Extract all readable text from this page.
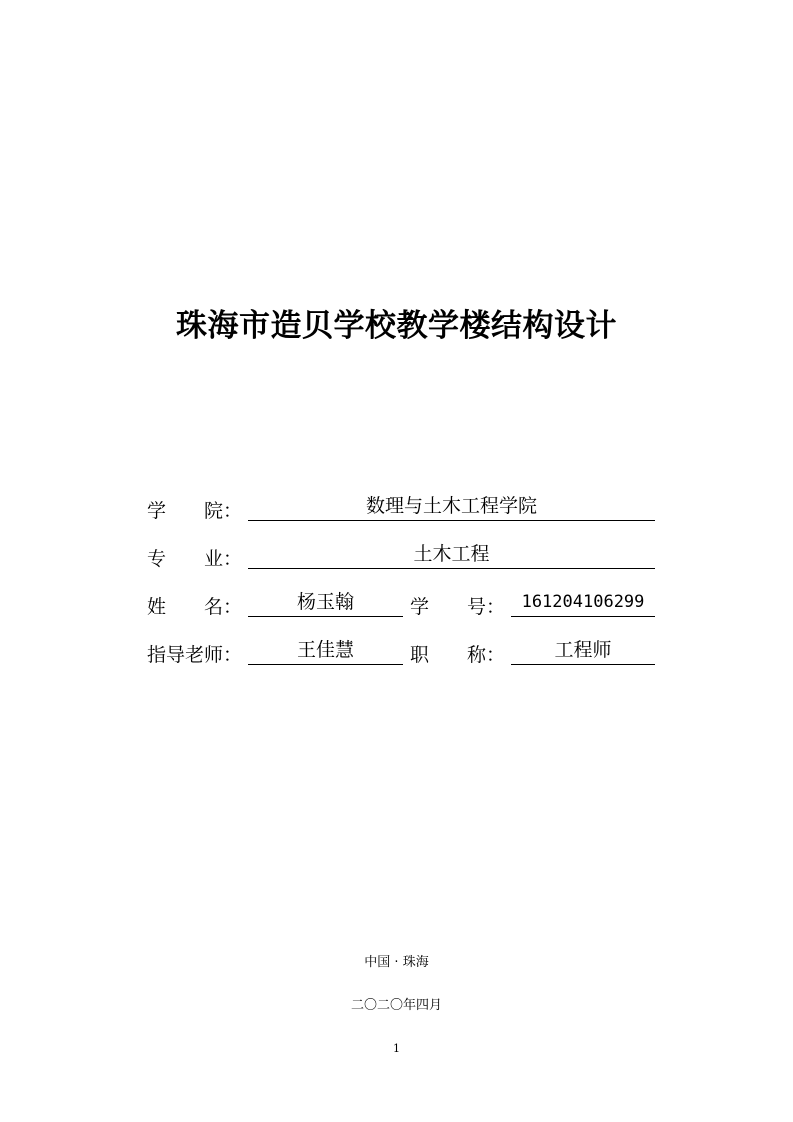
珠海市造贝学校教学楼结构设计
学　　院：	数理与土木工程学院
专　　业：	土木工程
姓　　名：	杨玉翰	学　　号： 161204106299
指导老师：	王佳慧	职　　称：	工程师
中国 · 珠海
二〇二〇年四月
1
